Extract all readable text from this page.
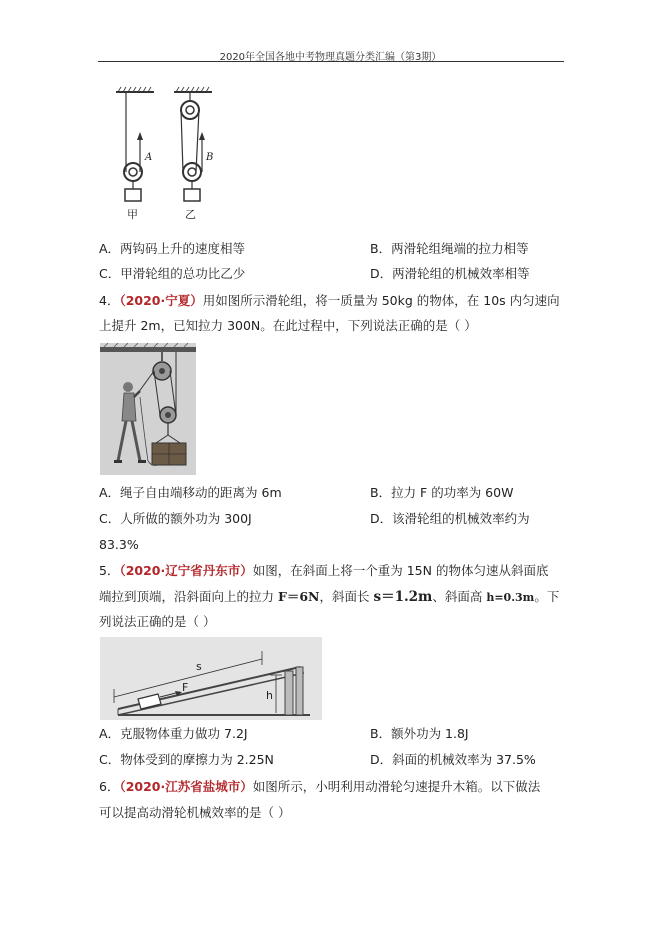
2020年全国各地中考物理真题分类汇编（第3期）
A
甲
B
乙
A．两钩码上升的速度相等	B．两滑轮组绳端的拉力相等
C．甲滑轮组的总功比乙少	D．两滑轮组的机械效率相等
4．（2020·宁夏）用如图所示滑轮组，将一质量为 50kg 的物体，在 10s 内匀速向
上提升 2m，已知拉力 300N。在此过程中，下列说法正确的是（ ）
A．绳子自由端移动的距离为 6m	B．拉力 F 的功率为 60W
C．人所做的额外功为 300J	D．该滑轮组的机械效率约为
83.3%
5．（2020·辽宁省丹东市）如图，在斜面上将一个重为 15N 的物体匀速从斜面底
端拉到顶端，沿斜面向上的拉力 F＝6N，斜面长 s＝1.2m、斜面高 h=0.3m。下
列说法正确的是（ ）
F
s
h
A．克服物体重力做功 7.2J	B．额外功为 1.8J
C．物体受到的摩擦力为 2.25N	D．斜面的机械效率为 37.5%
6．（2020·江苏省盐城市）如图所示，小明利用动滑轮匀速提升木箱。以下做法
可以提高动滑轮机械效率的是（ ）
